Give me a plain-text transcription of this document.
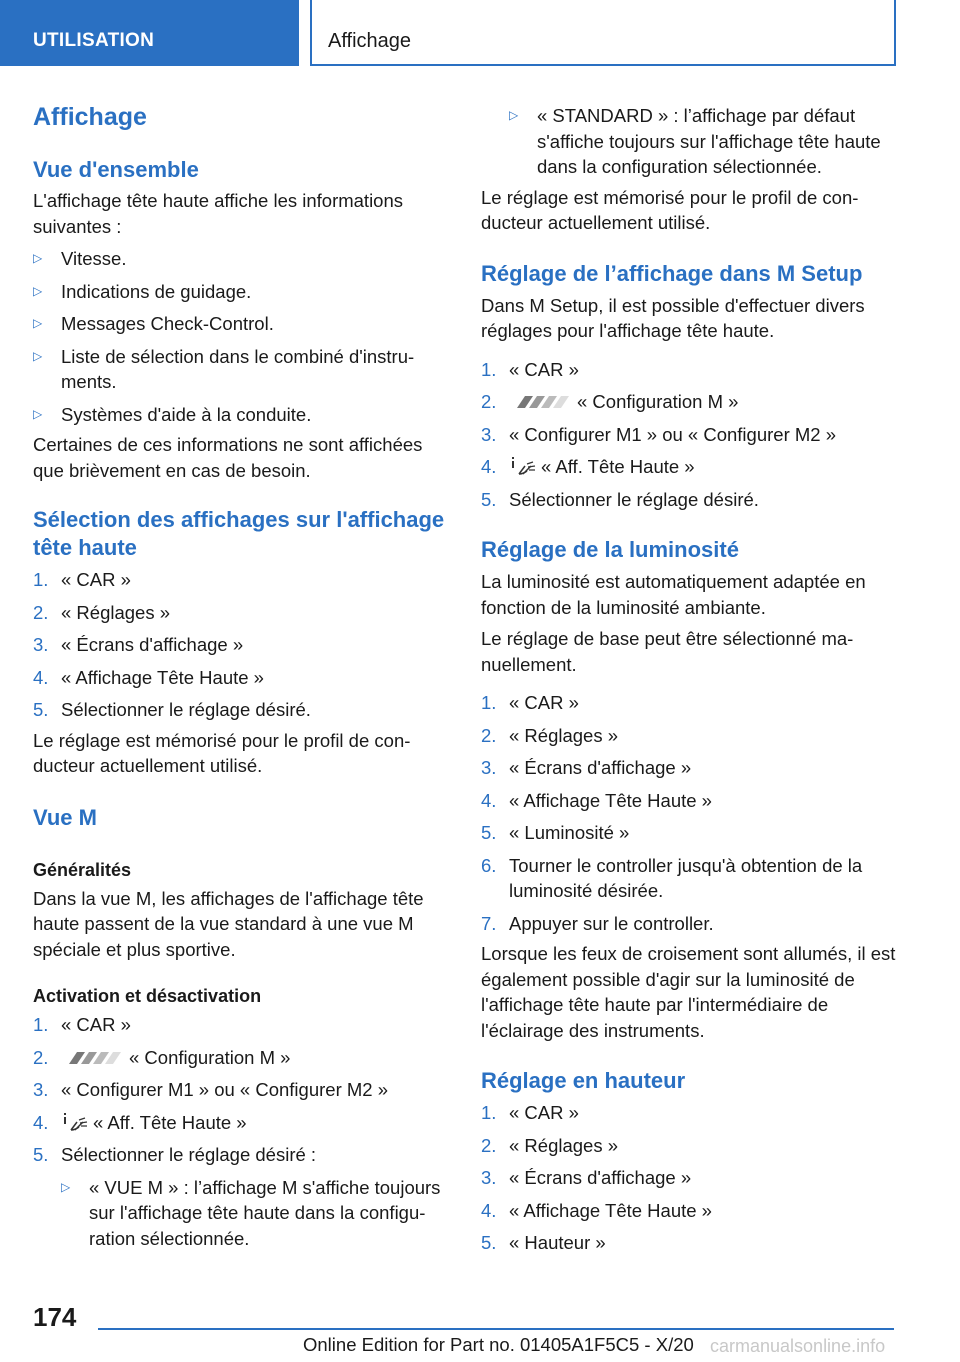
UTILISATION	Affichage
Affichage
Vue d'ensemble

L'affichage tête haute affiche les informations suivantes :

▷	Vitesse.
▷	Indications de guidage.
▷	Messages Check-Control.
▷	Liste de sélection dans le combiné d'instru-ments.
▷	Systèmes d'aide à la conduite.

Certaines de ces informations ne sont affichées que brièvement en cas de besoin.

Sélection des affichages sur l'affichage tête haute
1. « CAR »
2. « Réglages »
3. « Écrans d'affichage »
4. « Affichage Tête Haute »
5. Sélectionner le réglage désiré.

Le réglage est mémorisé pour le profil de con-ducteur actuellement utilisé.

Vue M
Généralités

Dans la vue M, les affichages de l'affichage tête haute passent de la vue standard à une vue M spéciale et plus sportive.

Activation et désactivation
1. « CAR »
2.	« Configuration M »
3. « Configurer M1 » ou « Configurer M2 »
4.	« Aff. Tête Haute »
5. Sélectionner le réglage désiré :
▷	« VUE M » : l’affichage M s'affiche toujours sur l'affichage tête haute dans la configu-ration sélectionnée.
▷	« STANDARD » : l’affichage par défaut s'affiche toujours sur l'affichage tête haute dans la configuration sélectionnée.

Le réglage est mémorisé pour le profil de con-ducteur actuellement utilisé.

Réglage de l’affichage dans M Setup

Dans M Setup, il est possible d'effectuer divers réglages pour l'affichage tête haute.

1. « CAR »
2.	« Configuration M »
3. « Configurer M1 » ou « Configurer M2 »
4.	« Aff. Tête Haute »
5. Sélectionner le réglage désiré.
Réglage de la luminosité

La luminosité est automatiquement adaptée en fonction de la luminosité ambiante.

Le réglage de base peut être sélectionné ma-nuellement.

1. « CAR »
2. « Réglages »
3. « Écrans d'affichage »
4. « Affichage Tête Haute »
5. « Luminosité »
6. Tourner le controller jusqu'à obtention de la luminosité désirée.
7. Appuyer sur le controller.

Lorsque les feux de croisement sont allumés, il est également possible d'agir sur la luminosité de l'affichage tête haute par l'intermédiaire de l'éclairage des instruments.

Réglage en hauteur
1. « CAR »
2. « Réglages »
3. « Écrans d'affichage »
4. « Affichage Tête Haute »
5. « Hauteur »
174
Online Edition for Part no. 01405A1F5C5 - X/20 carmanualsonline.info
